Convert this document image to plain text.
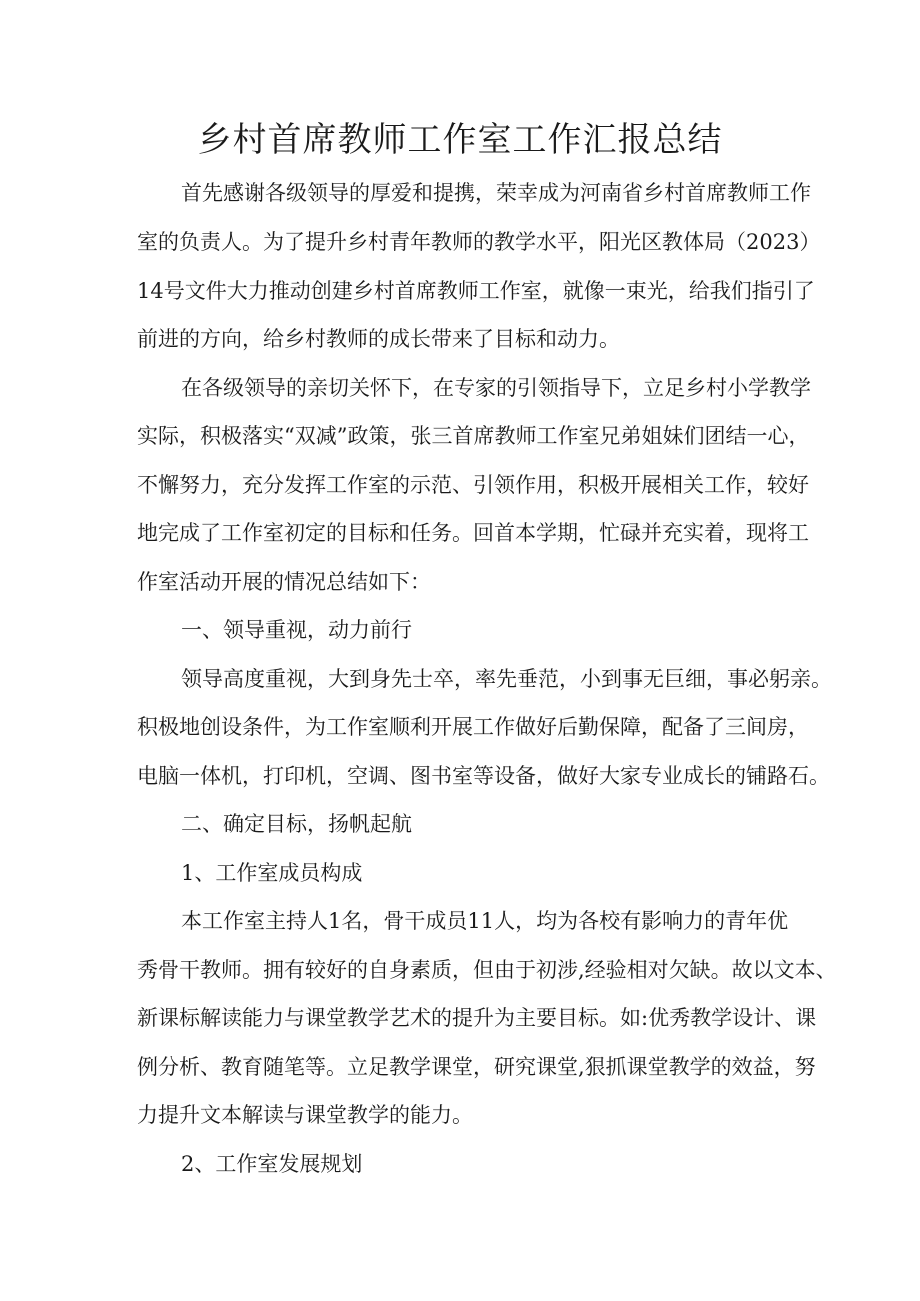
乡村首席教师工作室工作汇报总结

首先感谢各级领导的厚爱和提携，荣幸成为河南省乡村首席教师工作

室的负责人。为了提升乡村青年教师的教学水平，阳光区教体局（2023）

14号文件大力推动创建乡村首席教师工作室，就像一束光，给我们指引了

前进的方向，给乡村教师的成长带来了目标和动力。

在各级领导的亲切关怀下，在专家的引领指导下，立足乡村小学教学

实际，积极落实“双减”政策，张三首席教师工作室兄弟姐妹们团结一心，

不懈努力，充分发挥工作室的示范、引领作用，积极开展相关工作，较好

地完成了工作室初定的目标和任务。回首本学期，忙碌并充实着，现将工

作室活动开展的情况总结如下：

一、领导重视，动力前行

领导高度重视，大到身先士卒，率先垂范，小到事无巨细，事必躬亲。

积极地创设条件，为工作室顺利开展工作做好后勤保障，配备了三间房，

电脑一体机，打印机，空调、图书室等设备，做好大家专业成长的铺路石。

二、确定目标，扬帆起航

1、工作室成员构成

本工作室主持人1名，骨干成员11人，均为各校有影响力的青年优

秀骨干教师。拥有较好的自身素质，但由于初涉,经验相对欠缺。故以文本、

新课标解读能力与课堂教学艺术的提升为主要目标。如:优秀教学设计、课

例分析、教育随笔等。立足教学课堂，研究课堂,狠抓课堂教学的效益，努

力提升文本解读与课堂教学的能力。

2、工作室发展规划
